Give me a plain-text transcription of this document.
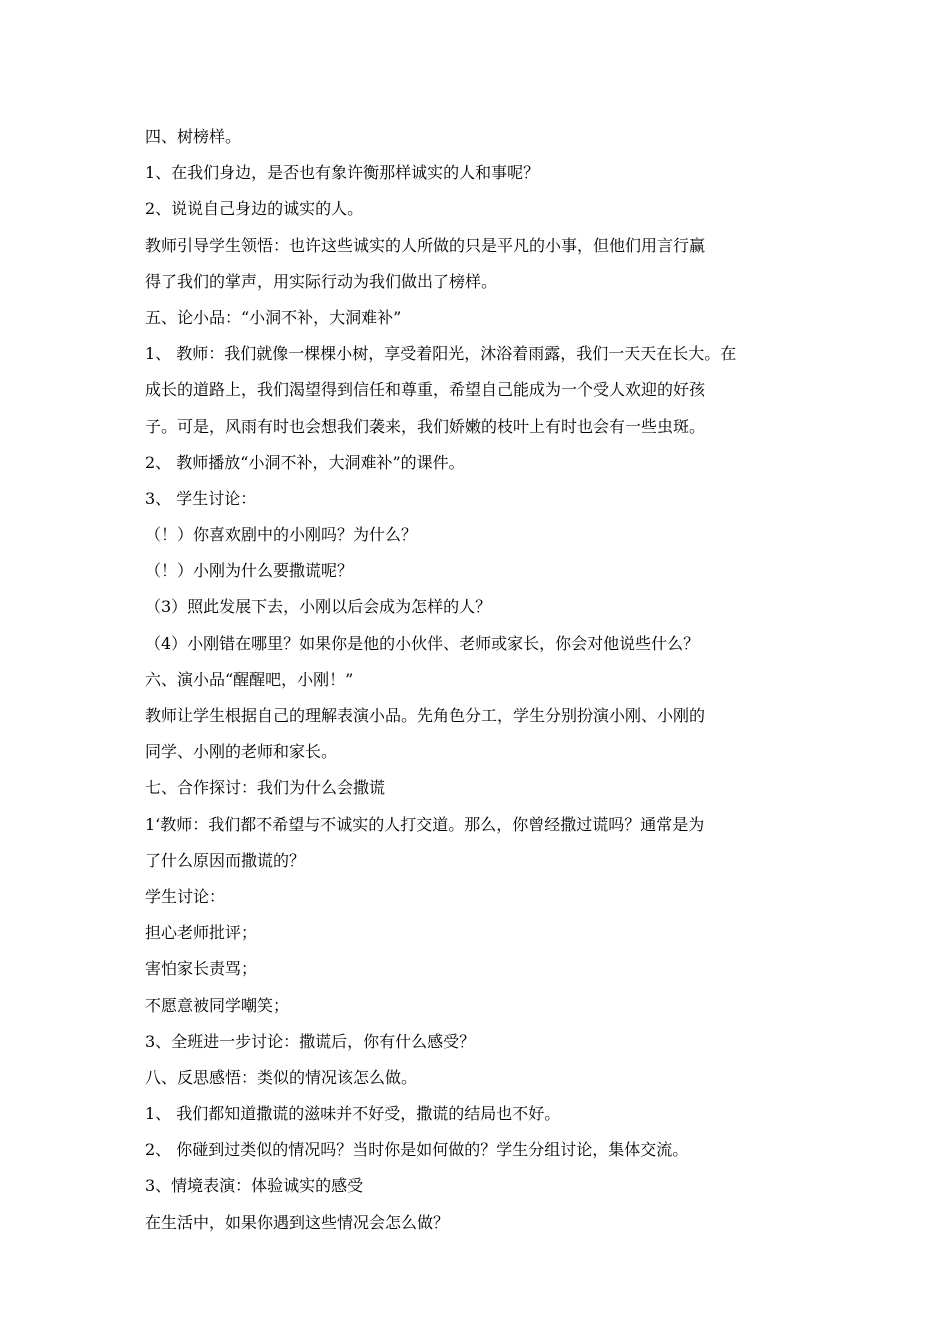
四、树榜样。
1、在我们身边，是否也有象许衡那样诚实的人和事呢？
2、说说自己身边的诚实的人。
教师引导学生领悟：也许这些诚实的人所做的只是平凡的小事，但他们用言行赢
得了我们的掌声，用实际行动为我们做出了榜样。
五、论小品：“小洞不补，大洞难补”
1、 教师：我们就像一棵棵小树，享受着阳光，沐浴着雨露，我们一天天在长大。在
成长的道路上，我们渴望得到信任和尊重，希望自己能成为一个受人欢迎的好孩
子。可是，风雨有时也会想我们袭来，我们娇嫩的枝叶上有时也会有一些虫斑。
2、 教师播放“小洞不补，大洞难补”的课件。
3、 学生讨论：
（！）你喜欢剧中的小刚吗？为什么？
（！）小刚为什么要撒谎呢？
（3）照此发展下去，小刚以后会成为怎样的人？
（4）小刚错在哪里？如果你是他的小伙伴、老师或家长，你会对他说些什么？
六、演小品“醒醒吧，小刚！”
教师让学生根据自己的理解表演小品。先角色分工，学生分别扮演小刚、小刚的
同学、小刚的老师和家长。
七、合作探讨：我们为什么会撒谎
1‘教师：我们都不希望与不诚实的人打交道。那么，你曾经撒过谎吗？通常是为
了什么原因而撒谎的？
学生讨论：
担心老师批评；
害怕家长责骂；
不愿意被同学嘲笑；
3、全班进一步讨论：撒谎后，你有什么感受？
八、反思感悟：类似的情况该怎么做。
1、 我们都知道撒谎的滋味并不好受，撒谎的结局也不好。
2、 你碰到过类似的情况吗？当时你是如何做的？学生分组讨论，集体交流。
3、情境表演：体验诚实的感受
在生活中，如果你遇到这些情况会怎么做？
